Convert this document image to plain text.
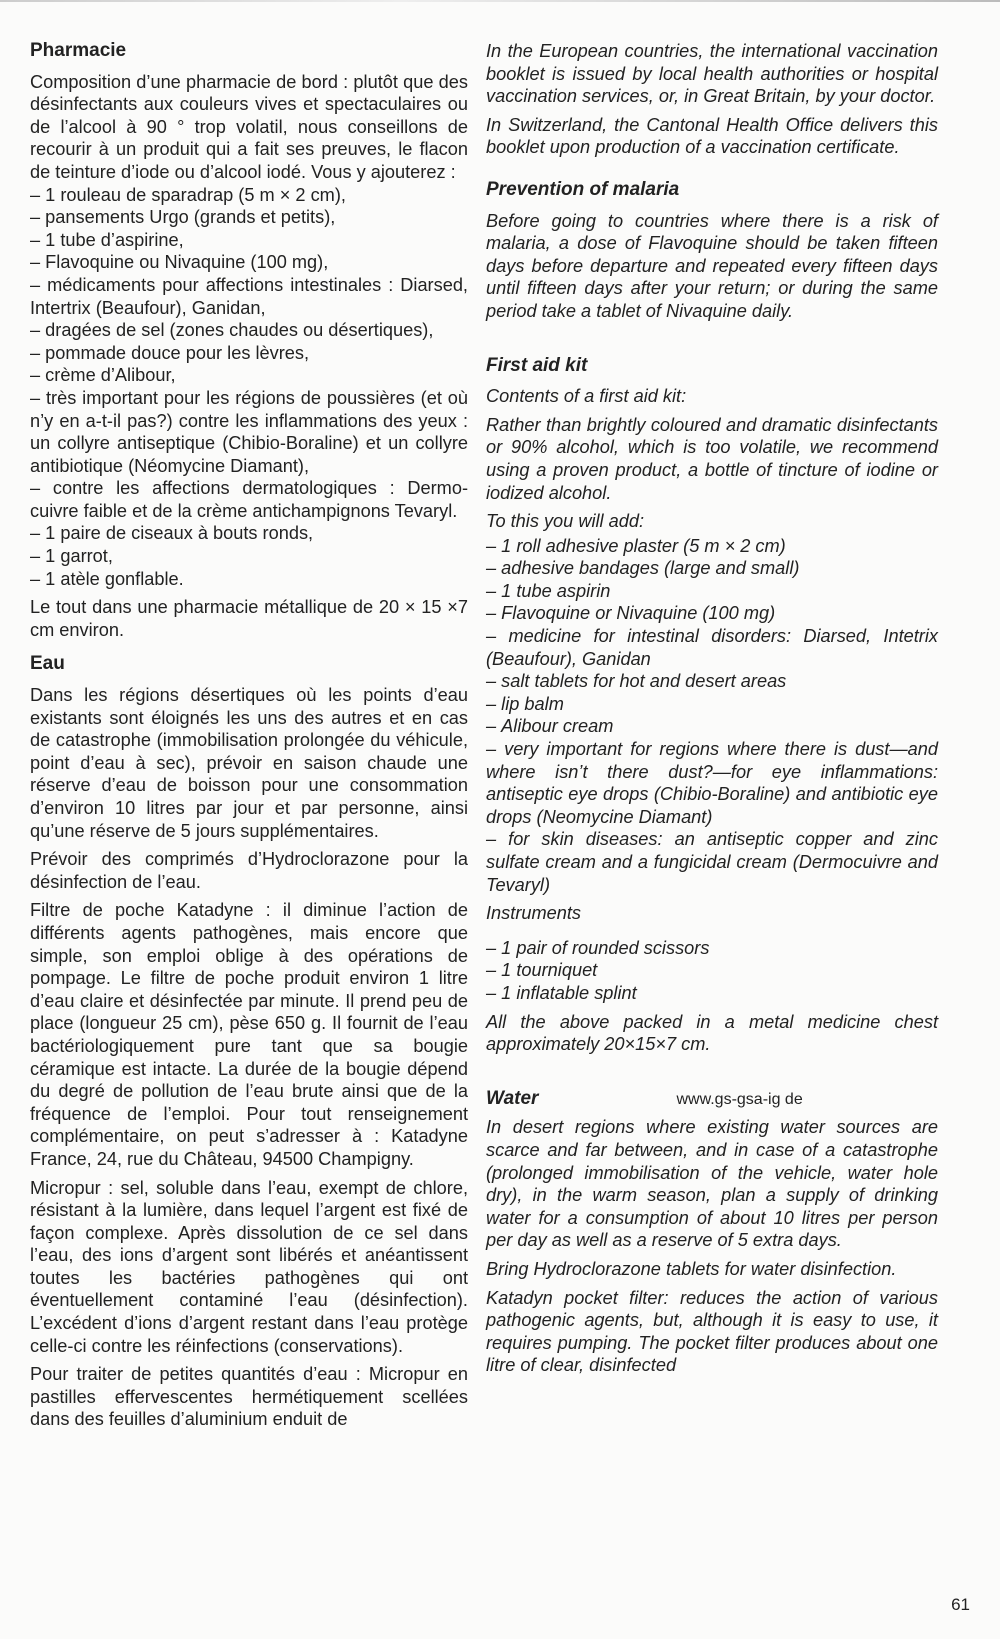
Pharmacie

Composition d’une pharmacie de bord : plutôt que des désinfectants aux couleurs vives et spectaculaires ou de l’alcool à 90 ° trop volatil, nous conseillons de recourir à un produit qui a fait ses preuves, le flacon de teinture d’iode ou d’alcool iodé. Vous y ajouterez :

– 1 rouleau de sparadrap (5 m × 2 cm),

– pansements Urgo (grands et petits),

– 1 tube d’aspirine,

– Flavoquine ou Nivaquine (100 mg),

– médicaments pour affections intestinales : Diarsed, Intertrix (Beaufour), Ganidan,

– dragées de sel (zones chaudes ou désertiques),

– pommade douce pour les lèvres,

– crème d’Alibour,

– très important pour les régions de poussières (et où n’y en a-t-il pas?) contre les inflammations des yeux : un collyre antiseptique (Chibio-Boraline) et un collyre antibiotique (Néomycine Diamant),

– contre les affections dermatologiques : Dermo-cuivre faible et de la crème antichampignons Tevaryl.

– 1 paire de ciseaux à bouts ronds,

– 1 garrot,

– 1 atèle gonflable.

Le tout dans une pharmacie métallique de 20 × 15 ×7 cm environ.

Eau

Dans les régions désertiques où les points d’eau existants sont éloignés les uns des autres et en cas de catastrophe (immobilisation prolongée du véhicule, point d’eau à sec), prévoir en saison chaude une réserve d’eau de boisson pour une consommation d’environ 10 litres par jour et par personne, ainsi qu’une réserve de 5 jours supplémentaires.

Prévoir des comprimés d’Hydroclorazone pour la désinfection de l’eau.

Filtre de poche Katadyne : il diminue l’action de différents agents pathogènes, mais encore que simple, son emploi oblige à des opérations de pompage. Le filtre de poche produit environ 1 litre d’eau claire et désinfectée par minute. Il prend peu de place (longueur 25 cm), pèse 650 g. Il fournit de l’eau bactériologiquement pure tant que sa bougie céramique est intacte. La durée de la bougie dépend du degré de pollution de l’eau brute ainsi que de la fréquence de l’emploi. Pour tout renseignement complémentaire, on peut s’adresser à : Katadyne France, 24, rue du Château, 94500 Champigny.

Micropur : sel, soluble dans l’eau, exempt de chlore, résistant à la lumière, dans lequel l’argent est fixé de façon complexe. Après dissolution de ce sel dans l’eau, des ions d’argent sont libérés et anéantissent toutes les bactéries pathogènes qui ont éventuellement contaminé l’eau (désinfection). L’excédent d’ions d’argent restant dans l’eau protège celle-ci contre les réinfections (conservations).

Pour traiter de petites quantités d’eau : Micropur en pastilles effervescentes hermétiquement scellées dans des feuilles d’aluminium enduit de

In the European countries, the international vaccination booklet is issued by local health authorities or hospital vaccination services, or, in Great Britain, by your doctor.

In Switzerland, the Cantonal Health Office delivers this booklet upon production of a vaccination certificate.

Prevention of malaria

Before going to countries where there is a risk of malaria, a dose of Flavoquine should be taken fifteen days before departure and repeated every fifteen days until fifteen days after your return; or during the same period take a tablet of Nivaquine daily.

First aid kit

Contents of a first aid kit:

Rather than brightly coloured and dramatic disinfectants or 90% alcohol, which is too volatile, we recommend using a proven product, a bottle of tincture of iodine or iodized alcohol.

To this you will add:

– 1 roll adhesive plaster (5 m × 2 cm)

– adhesive bandages (large and small)

– 1 tube aspirin

– Flavoquine or Nivaquine (100 mg)

– medicine for intestinal disorders: Diarsed, Intetrix (Beaufour), Ganidan

– salt tablets for hot and desert areas

– lip balm

– Alibour cream

– very important for regions where there is dust—and where isn’t there dust?—for eye inflammations: antiseptic eye drops (Chibio-Boraline) and antibiotic eye drops (Neomycine Diamant)

– for skin diseases: an antiseptic copper and zinc sulfate cream and a fungicidal cream (Dermocuivre and Tevaryl)

Instruments

– 1 pair of rounded scissors

– 1 tourniquet

– 1 inflatable splint

All the above packed in a metal medicine chest approximately 20×15×7 cm.

Water	www.gs-gsa-ig de

In desert regions where existing water sources are scarce and far between, and in case of a catastrophe (prolonged immobilisation of the vehicle, water hole dry), in the warm season, plan a supply of drinking water for a consumption of about 10 litres per person per day as well as a reserve of 5 extra days.

Bring Hydroclorazone tablets for water disinfection.

Katadyn pocket filter: reduces the action of various pathogenic agents, but, although it is easy to use, it requires pumping. The pocket filter produces about one litre of clear, disinfected

61
